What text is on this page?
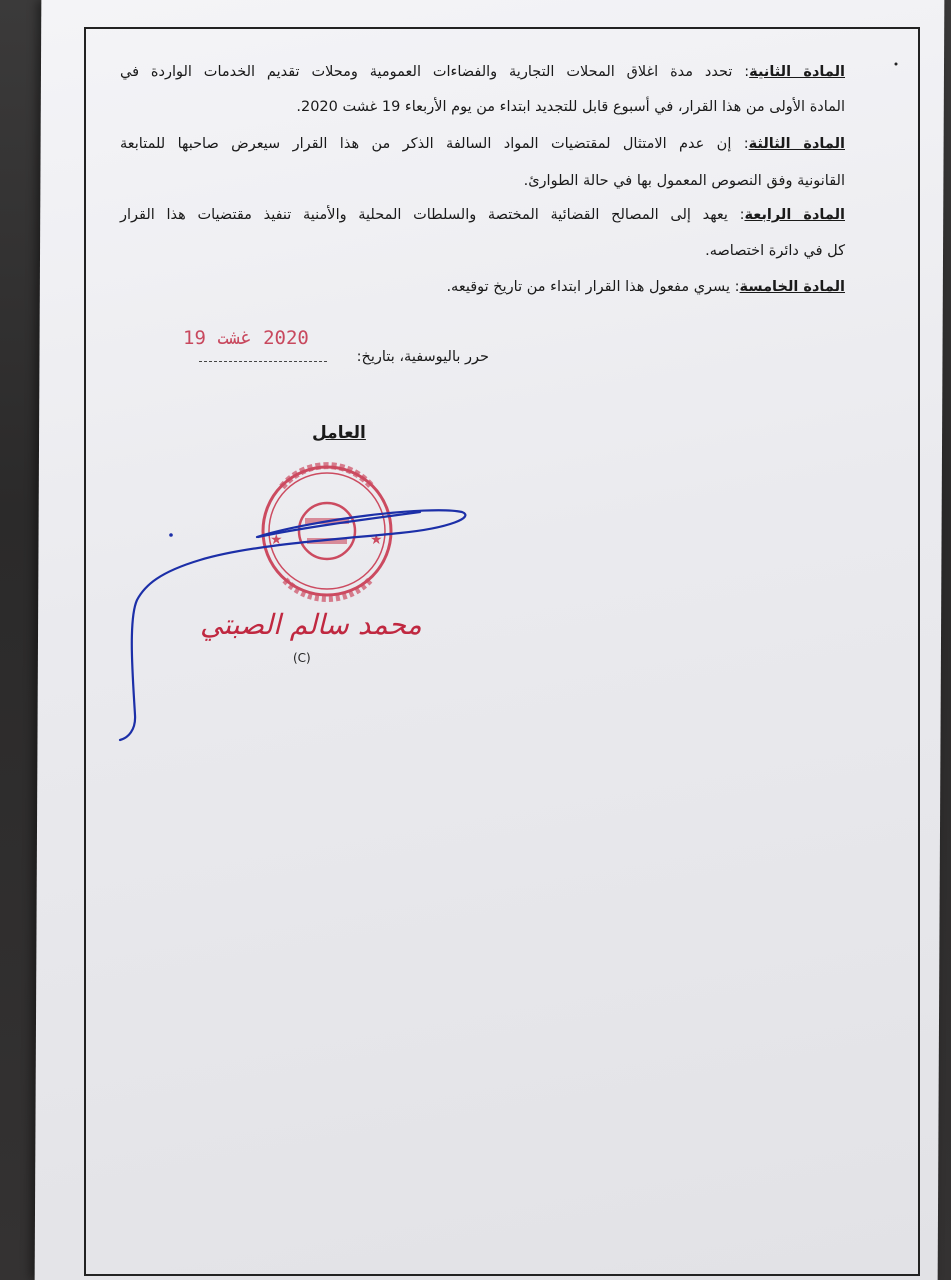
المادة الثانية: تحدد مدة اغلاق المحلات التجارية والفضاءات العمومية ومحلات تقديم الخدمات الواردة في
المادة الأولى من هذا القرار، في أسبوع قابل للتجديد ابتداء من يوم الأربعاء 19 غشت 2020.
المادة الثالثة: إن عدم الامتثال لمقتضيات المواد السالفة الذكر من هذا القرار سيعرض صاحبها للمتابعة
القانونية وفق النصوص المعمول بها في حالة الطوارئ.
المادة الرابعة: يعهد إلى المصالح القضائية المختصة والسلطات المحلية والأمنية تنفيذ مقتضيات هذا القرار
كل في دائرة اختصاصه.
المادة الخامسة: يسري مفعول هذا القرار ابتداء من تاريخ توقيعه.
2020 غشت 19
حرر باليوسفية، بتاريخ:
العامل
★	★
محمد سالم الصبتي
(C)
